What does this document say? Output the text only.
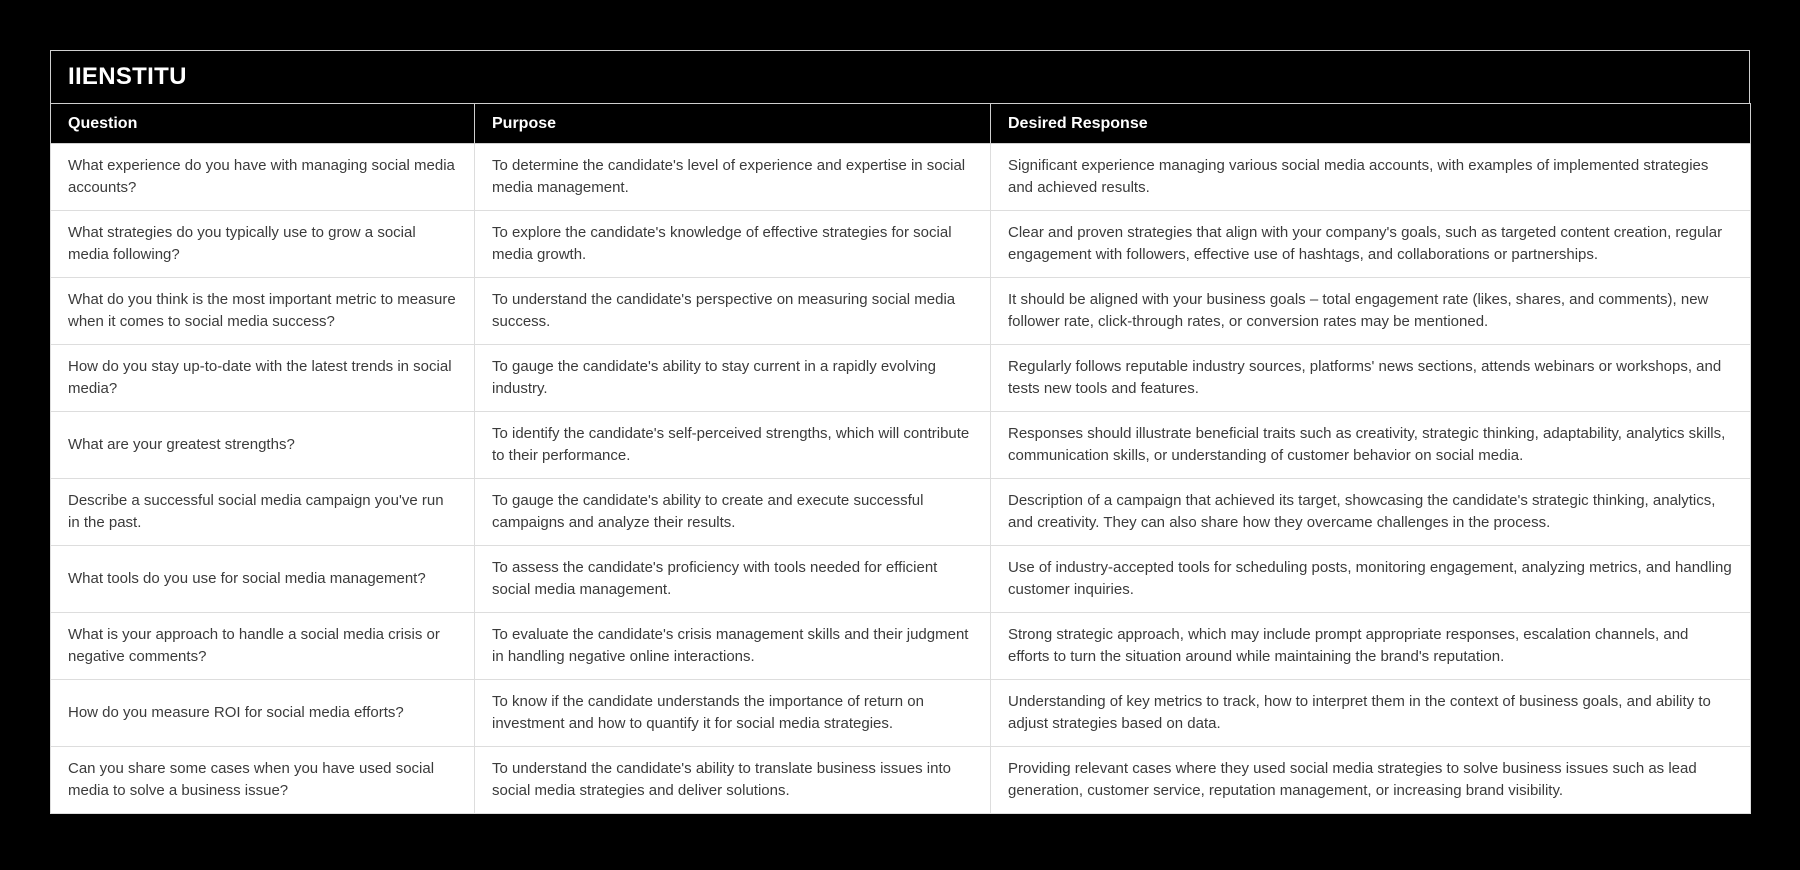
IIENSTITU
Question	Purpose	Desired Response
What experience do you have with managing social media accounts?	To determine the candidate's level of experience and expertise in social media management.	Significant experience managing various social media accounts, with examples of implemented strategies and achieved results.
What strategies do you typically use to grow a social media following?	To explore the candidate's knowledge of effective strategies for social media growth.	Clear and proven strategies that align with your company's goals, such as targeted content creation, regular engagement with followers, effective use of hashtags, and collaborations or partnerships.
What do you think is the most important metric to measure when it comes to social media success?	To understand the candidate's perspective on measuring social media success.	It should be aligned with your business goals – total engagement rate (likes, shares, and comments), new follower rate, click-through rates, or conversion rates may be mentioned.
How do you stay up-to-date with the latest trends in social media?	To gauge the candidate's ability to stay current in a rapidly evolving industry.	Regularly follows reputable industry sources, platforms' news sections, attends webinars or workshops, and tests new tools and features.
What are your greatest strengths?	To identify the candidate's self-perceived strengths, which will contribute to their performance.	Responses should illustrate beneficial traits such as creativity, strategic thinking, adaptability, analytics skills, communication skills, or understanding of customer behavior on social media.
Describe a successful social media campaign you've run in the past.	To gauge the candidate's ability to create and execute successful campaigns and analyze their results.	Description of a campaign that achieved its target, showcasing the candidate's strategic thinking, analytics, and creativity. They can also share how they overcame challenges in the process.
What tools do you use for social media management?	To assess the candidate's proficiency with tools needed for efficient social media management.	Use of industry-accepted tools for scheduling posts, monitoring engagement, analyzing metrics, and handling customer inquiries.
What is your approach to handle a social media crisis or negative comments?	To evaluate the candidate's crisis management skills and their judgment in handling negative online interactions.	Strong strategic approach, which may include prompt appropriate responses, escalation channels, and efforts to turn the situation around while maintaining the brand's reputation.
How do you measure ROI for social media efforts?	To know if the candidate understands the importance of return on investment and how to quantify it for social media strategies.	Understanding of key metrics to track, how to interpret them in the context of business goals, and ability to adjust strategies based on data.
Can you share some cases when you have used social media to solve a business issue?	To understand the candidate's ability to translate business issues into social media strategies and deliver solutions.	Providing relevant cases where they used social media strategies to solve business issues such as lead generation, customer service, reputation management, or increasing brand visibility.
